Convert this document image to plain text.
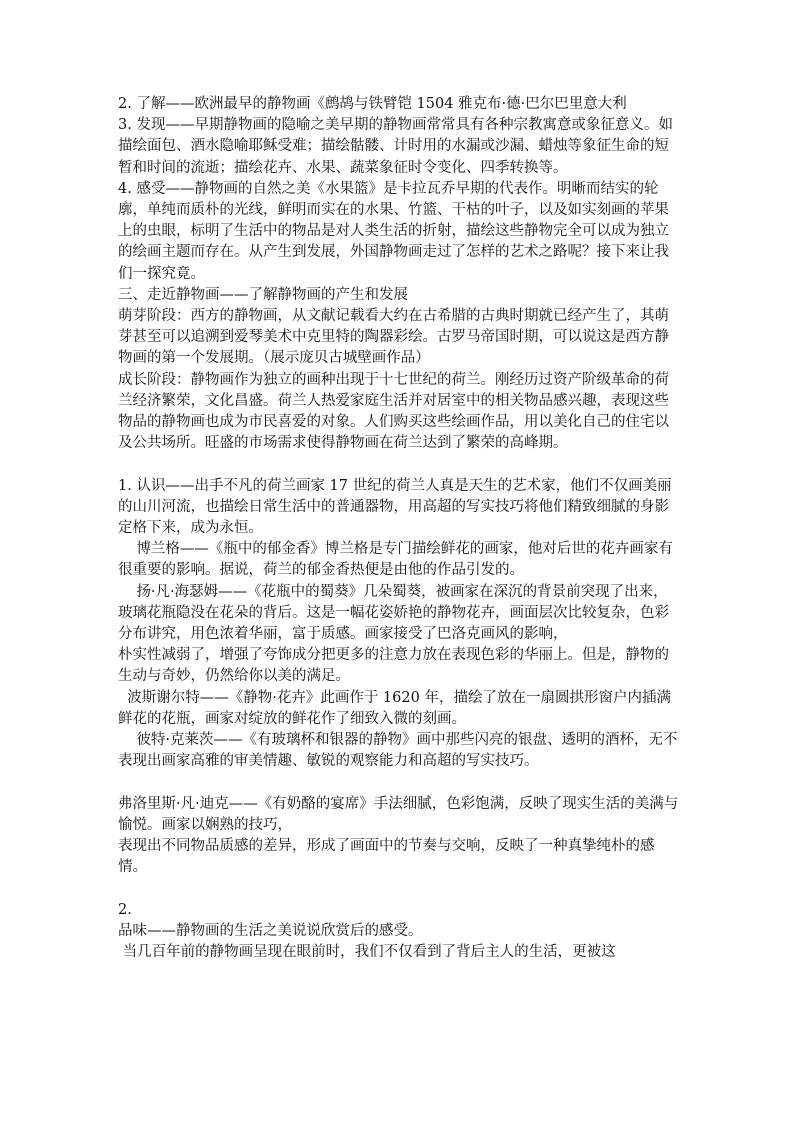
2. 了解——欧洲最早的静物画《鹧鸪与铁臂铠 1504 雅克布·德·巴尔巴里意大利

3. 发现——早期静物画的隐喻之美早期的静物画常常具有各种宗教寓意或象征意义。如描绘面包、酒水隐喻耶稣受难；描绘骷髅、计时用的水漏或沙漏、蜡烛等象征生命的短暂和时间的流逝；描绘花卉、水果、蔬菜象征时令变化、四季转换等。

4. 感受——静物画的自然之美《水果篮》是卡拉瓦乔早期的代表作。明晰而结实的轮廓，单纯而质朴的光线，鲜明而实在的水果、竹篮、干枯的叶子，以及如实刻画的苹果上的虫眼，标明了生活中的物品是对人类生活的折射，描绘这些静物完全可以成为独立的绘画主题而存在。从产生到发展，外国静物画走过了怎样的艺术之路呢？接下来让我们一探究竟。

三、走近静物画——了解静物画的产生和发展

萌芽阶段：西方的静物画，从文献记载看大约在古希腊的古典时期就已经产生了，其萌芽甚至可以追溯到爱琴美术中克里特的陶器彩绘。古罗马帝国时期，可以说这是西方静物画的第一个发展期。（展示庞贝古城壁画作品）

成长阶段：静物画作为独立的画种出现于十七世纪的荷兰。刚经历过资产阶级革命的荷兰经济繁荣，文化昌盛。荷兰人热爱家庭生活并对居室中的相关物品感兴趣，表现这些物品的静物画也成为市民喜爱的对象。人们购买这些绘画作品，用以美化自己的住宅以及公共场所。旺盛的市场需求使得静物画在荷兰达到了繁荣的高峰期。

1. 认识——出手不凡的荷兰画家 17 世纪的荷兰人真是天生的艺术家，他们不仅画美丽的山川河流，也描绘日常生活中的普通器物，用高超的写实技巧将他们精致细腻的身影定格下来，成为永恒。

博兰格——《瓶中的郁金香》博兰格是专门描绘鲜花的画家，他对后世的花卉画家有很重要的影响。据说，荷兰的郁金香热便是由他的作品引发的。

扬·凡·海瑟姆——《花瓶中的蜀葵》几朵蜀葵，被画家在深沉的背景前突现了出来，玻璃花瓶隐没在花朵的背后。这是一幅花姿娇艳的静物花卉，画面层次比较复杂，色彩分布讲究，用色浓着华丽，富于质感。画家接受了巴洛克画风的影响，

朴实性减弱了，增强了夸饰成分把更多的注意力放在表现色彩的华丽上。但是，静物的生动与奇妙，仍然给你以美的满足。

波斯谢尔特——《静物·花卉》此画作于 1620 年，描绘了放在一扇圆拱形窗户内插满鲜花的花瓶，画家对绽放的鲜花作了细致入微的刻画。

彼特·克莱茨——《有玻璃杯和银器的静物》画中那些闪亮的银盘、透明的酒杯，无不表现出画家高雅的审美情趣、敏锐的观察能力和高超的写实技巧。

弗洛里斯·凡·迪克——《有奶酪的宴席》手法细腻，色彩饱满，反映了现实生活的美满与愉悦。画家以娴熟的技巧，

表现出不同物品质感的差异，形成了画面中的节奏与交响，反映了一种真挚纯朴的感情。

2.

品味——静物画的生活之美说说欣赏后的感受。

当几百年前的静物画呈现在眼前时，我们不仅看到了背后主人的生活，更被这
